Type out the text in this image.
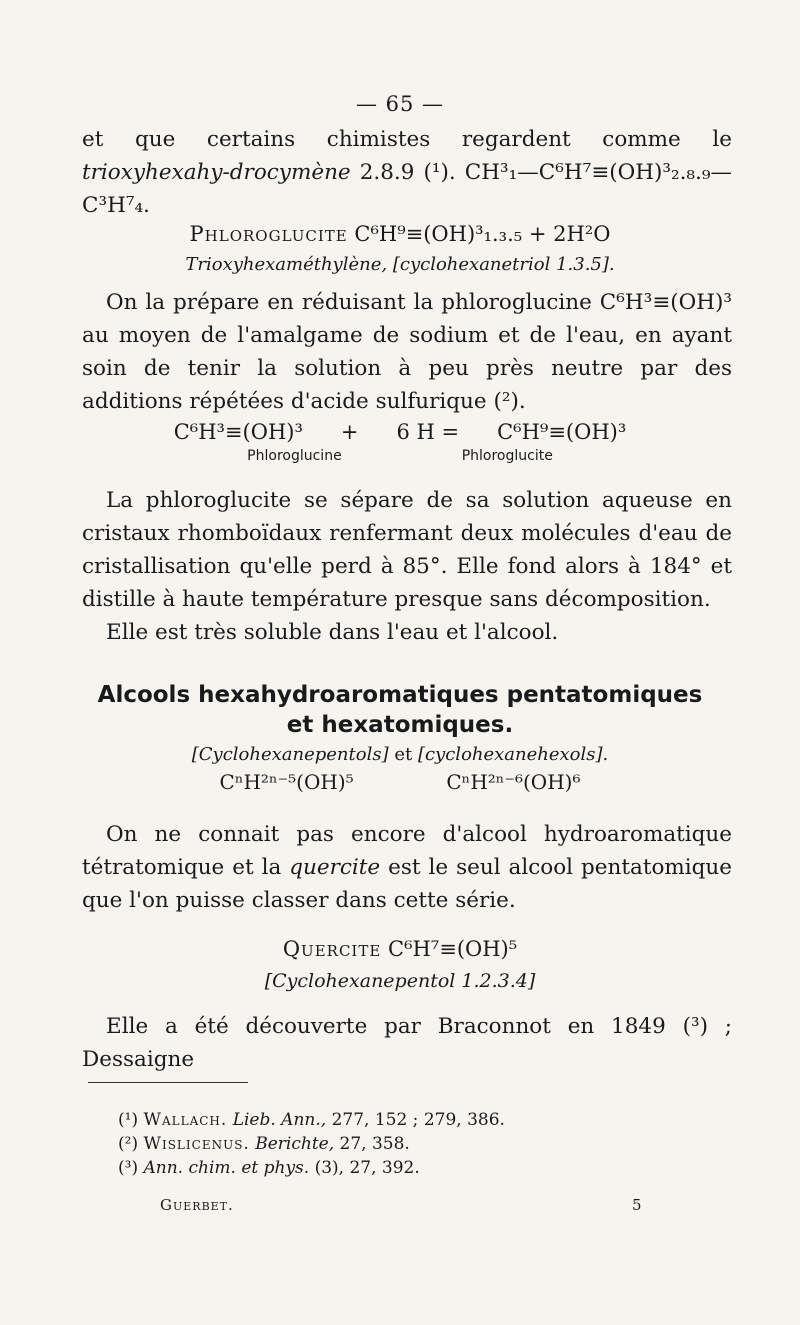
— 65 —

et que certains chimistes regardent comme le trioxyhexahy-drocymène 2.8.9 (¹). CH³₁—C⁶H⁷≡(OH)³₂.₈.₉—C³H⁷₄.

Phloroglucite C⁶H⁹≡(OH)³₁.₃.₅ + 2H²O
Trioxyhexaméthylène, [cyclohexanetriol 1.3.5].

On la prépare en réduisant la phloroglucine C⁶H³≡(OH)³ au moyen de l'amalgame de sodium et de l'eau, en ayant soin de tenir la solution à peu près neutre par des additions répétées d'acide sulfurique (²).

C⁶H³≡(OH)³ + 6 H = C⁶H⁹≡(OH)³
Phloroglucine	Phloroglucite

La phloroglucite se sépare de sa solution aqueuse en cristaux rhomboïdaux renfermant deux molécules d'eau de cristallisation qu'elle perd à 85°. Elle fond alors à 184° et distille à haute température presque sans décomposition.

Elle est très soluble dans l'eau et l'alcool.

Alcools hexahydroaromatiques pentatomiques
et hexatomiques.
[Cyclohexanepentols] et [cyclohexanehexols].
CⁿH²ⁿ⁻⁵(OH)⁵	CⁿH²ⁿ⁻⁶(OH)⁶

On ne connait pas encore d'alcool hydroaromatique tétratomique et la quercite est le seul alcool pentatomique que l'on puisse classer dans cette série.

Quercite C⁶H⁷≡(OH)⁵
[Cyclohexanepentol 1.2.3.4]

Elle a été découverte par Braconnot en 1849 (³) ; Dessaigne

(¹) Wallach. Lieb. Ann., 277, 152 ; 279, 386.
(²) Wislicenus. Berichte, 27, 358.
(³) Ann. chim. et phys. (3), 27, 392.
Guerbet.	5
